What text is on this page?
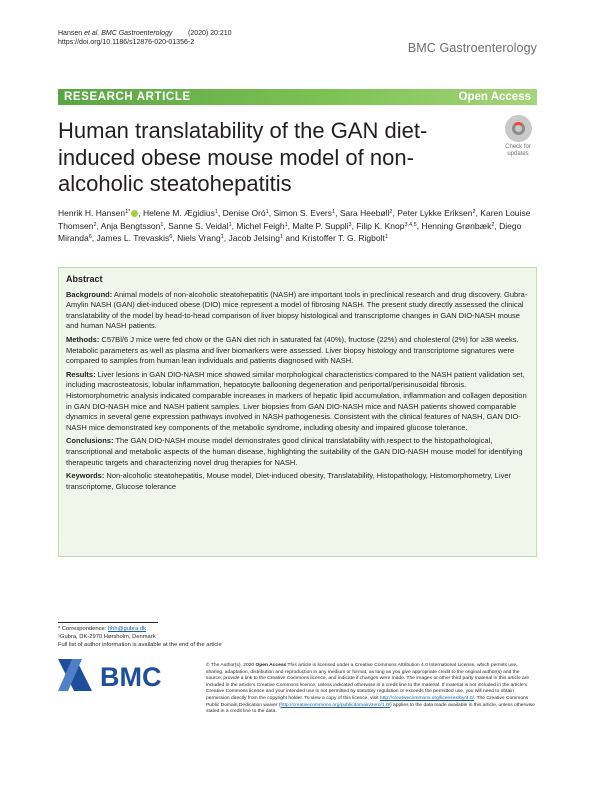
Hansen et al. BMC Gastroenterology (2020) 20:210
https://doi.org/10.1186/s12876-020-01356-2	BMC Gastroenterology
RESEARCH ARTICLE	Open Access
Human translatability of the GAN diet-induced obese mouse model of non-alcoholic steatohepatitis
Check for
updates
Henrik H. Hansen$^{1*}$ , Helene M. Ægidius$^1$, Denise Oró$^1$, Simon S. Evers$^1$, Sara Heebøll$^2$, Peter Lykke Eriksen$^2$, Karen Louise Thomsen$^2$, Anja Bengtsson$^1$, Sanne S. Veidal$^1$, Michel Feigh$^1$, Malte P. Suppli$^3$, Filip K. Knop$^{3,4,5}$, Henning Grønbæk$^2$, Diego Miranda$^6$, James L. Trevaskis$^6$, Niels Vrang$^1$, Jacob Jelsing$^1$ and Kristoffer T. G. Rigbolt$^1$
Abstract

Background: Animal models of non-alcoholic steatohepatitis (NASH) are important tools in preclinical research and drug discovery. Gubra-Amylin NASH (GAN) diet-induced obese (DIO) mice represent a model of fibrosing NASH. The present study directly assessed the clinical translatability of the model by head-to-head comparison of liver biopsy histological and transcriptome changes in GAN DIO-NASH mouse and human NASH patients.

Methods: C57Bl/6 J mice were fed chow or the GAN diet rich in saturated fat (40%), fructose (22%) and cholesterol (2%) for ≥38 weeks. Metabolic parameters as well as plasma and liver biomarkers were assessed. Liver biopsy histology and transcriptome signatures were compared to samples from human lean individuals and patients diagnosed with NASH.

Results: Liver lesions in GAN DIO-NASH mice showed similar morphological characteristics compared to the NASH patient validation set, including macrosteatosis, lobular inflammation, hepatocyte ballooning degeneration and periportal/perisinusoidal fibrosis. Histomorphometric analysis indicated comparable increases in markers of hepatic lipid accumulation, inflammation and collagen deposition in GAN DIO-NASH mice and NASH patient samples. Liver biopsies from GAN DIO-NASH mice and NASH patients showed comparable dynamics in several gene expression pathways involved in NASH pathogenesis. Consistent with the clinical features of NASH, GAN DIO-NASH mice demonstrated key components of the metabolic syndrome, including obesity and impaired glucose tolerance.

Conclusions: The GAN DIO-NASH mouse model demonstrates good clinical translatability with respect to the histopathological, transcriptional and metabolic aspects of the human disease, highlighting the suitability of the GAN DIO-NASH mouse model for identifying therapeutic targets and characterizing novel drug therapies for NASH.

Keywords: Non-alcoholic steatohepatitis, Mouse model, Diet-induced obesity, Translatability, Histopathology, Histomorphometry, Liver transcriptome, Glucose tolerance

* Correspondence: hhh@gubra.dk
¹Gubra, DK-2970 Hørsholm, Denmark
Full list of author information is available at the end of the article
BMC	© The Author(s). 2020 Open Access This article is licensed under a Creative Commons Attribution 4.0 International License, which permits use, sharing, adaptation, distribution and reproduction in any medium or format, as long as you give appropriate credit to the original author(s) and the source, provide a link to the Creative Commons licence, and indicate if changes were made. The images or other third party material in this article are included in the article's Creative Commons licence, unless indicated otherwise in a credit line to the material. If material is not included in the article's Creative Commons licence and your intended use is not permitted by statutory regulation or exceeds the permitted use, you will need to obtain permission directly from the copyright holder. To view a copy of this licence, visit http://creativecommons.org/licenses/by/4.0/. The Creative Commons Public Domain Dedication waiver (http://creativecommons.org/publicdomain/zero/1.0/) applies to the data made available in this article, unless otherwise stated in a credit line to the data.
